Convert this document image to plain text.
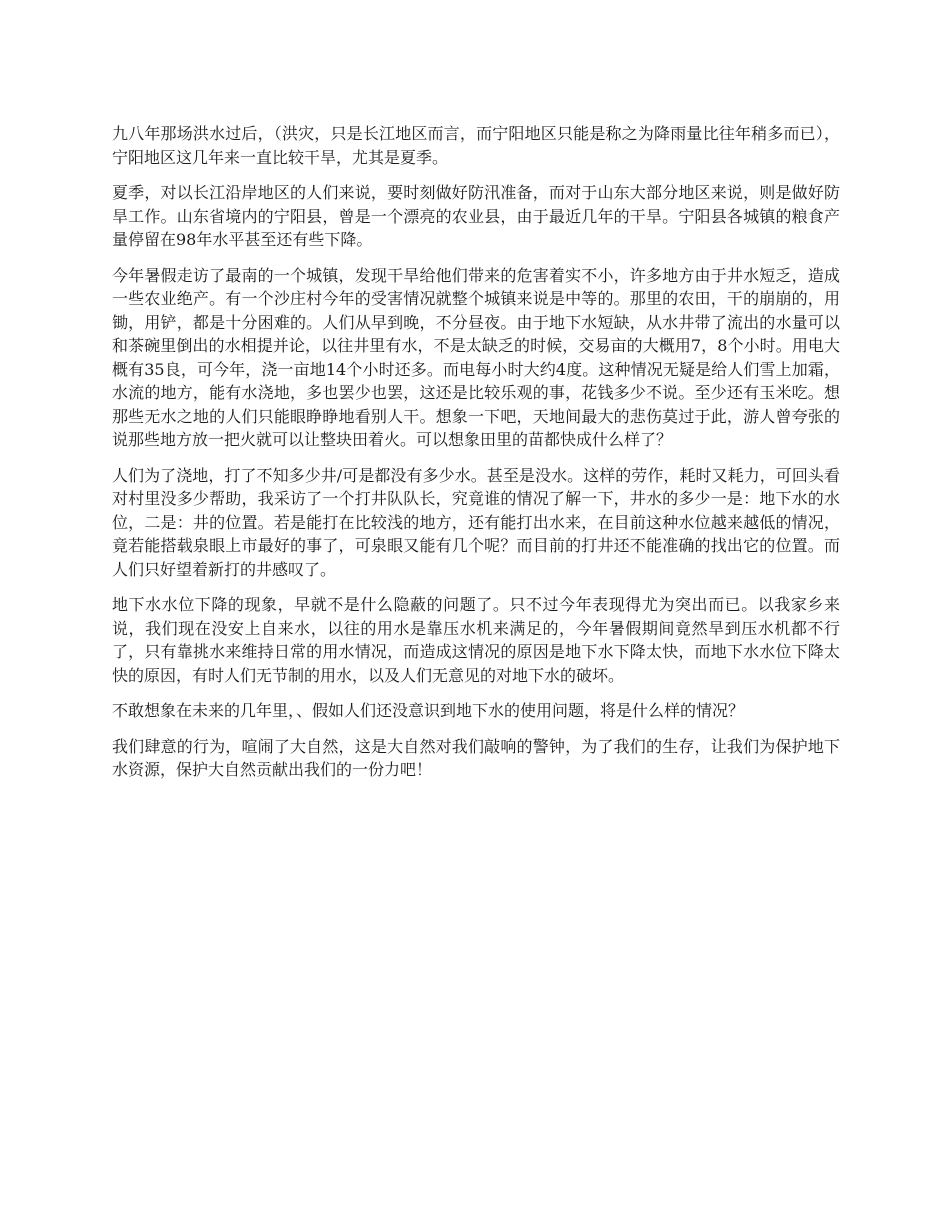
九八年那场洪水过后，（洪灾，只是长江地区而言，而宁阳地区只能是称之为降雨量比往年稍多而已），宁阳地区这几年来一直比较干旱，尤其是夏季。

夏季，对以长江沿岸地区的人们来说，要时刻做好防汛准备，而对于山东大部分地区来说，则是做好防旱工作。山东省境内的宁阳县，曾是一个漂亮的农业县，由于最近几年的干旱。宁阳县各城镇的粮食产量停留在98年水平甚至还有些下降。

今年暑假走访了最南的一个城镇，发现干旱给他们带来的危害着实不小，许多地方由于井水短乏，造成一些农业绝产。有一个沙庄村今年的受害情况就整个城镇来说是中等的。那里的农田，干的崩崩的，用锄，用铲，都是十分困难的。人们从早到晚，不分昼夜。由于地下水短缺，从水井带了流出的水量可以和茶碗里倒出的水相提并论，以往井里有水，不是太缺乏的时候，交易亩的大概用7，8个小时。用电大概有35良，可今年，浇一亩地14个小时还多。而电每小时大约4度。这种情况无疑是给人们雪上加霜，水流的地方，能有水浇地，多也罢少也罢，这还是比较乐观的事，花钱多少不说。至少还有玉米吃。想那些无水之地的人们只能眼睁睁地看别人干。想象一下吧，天地间最大的悲伤莫过于此，游人曾夸张的说那些地方放一把火就可以让整块田着火。可以想象田里的苗都快成什么样了？

人们为了浇地，打了不知多少井/可是都没有多少水。甚至是没水。这样的劳作，耗时又耗力，可回头看对村里没多少帮助，我采访了一个打井队队长，究竟谁的情况了解一下，井水的多少一是：地下水的水位，二是：井的位置。若是能打在比较浅的地方，还有能打出水来，在目前这种水位越来越低的情况，竟若能搭载泉眼上市最好的事了，可泉眼又能有几个呢？而目前的打井还不能准确的找出它的位置。而人们只好望着新打的井感叹了。

地下水水位下降的现象，早就不是什么隐蔽的问题了。只不过今年表现得尤为突出而已。以我家乡来说，我们现在没安上自来水，以往的用水是靠压水机来满足的，今年暑假期间竟然旱到压水机都不行了，只有靠挑水来维持日常的用水情况，而造成这情况的原因是地下水下降太快，而地下水水位下降太快的原因，有时人们无节制的用水，以及人们无意见的对地下水的破坏。

不敢想象在未来的几年里，、假如人们还没意识到地下水的使用问题，将是什么样的情况？

我们肆意的行为，喧闹了大自然，这是大自然对我们敲响的警钟，为了我们的生存，让我们为保护地下水资源，保护大自然贡献出我们的一份力吧！
